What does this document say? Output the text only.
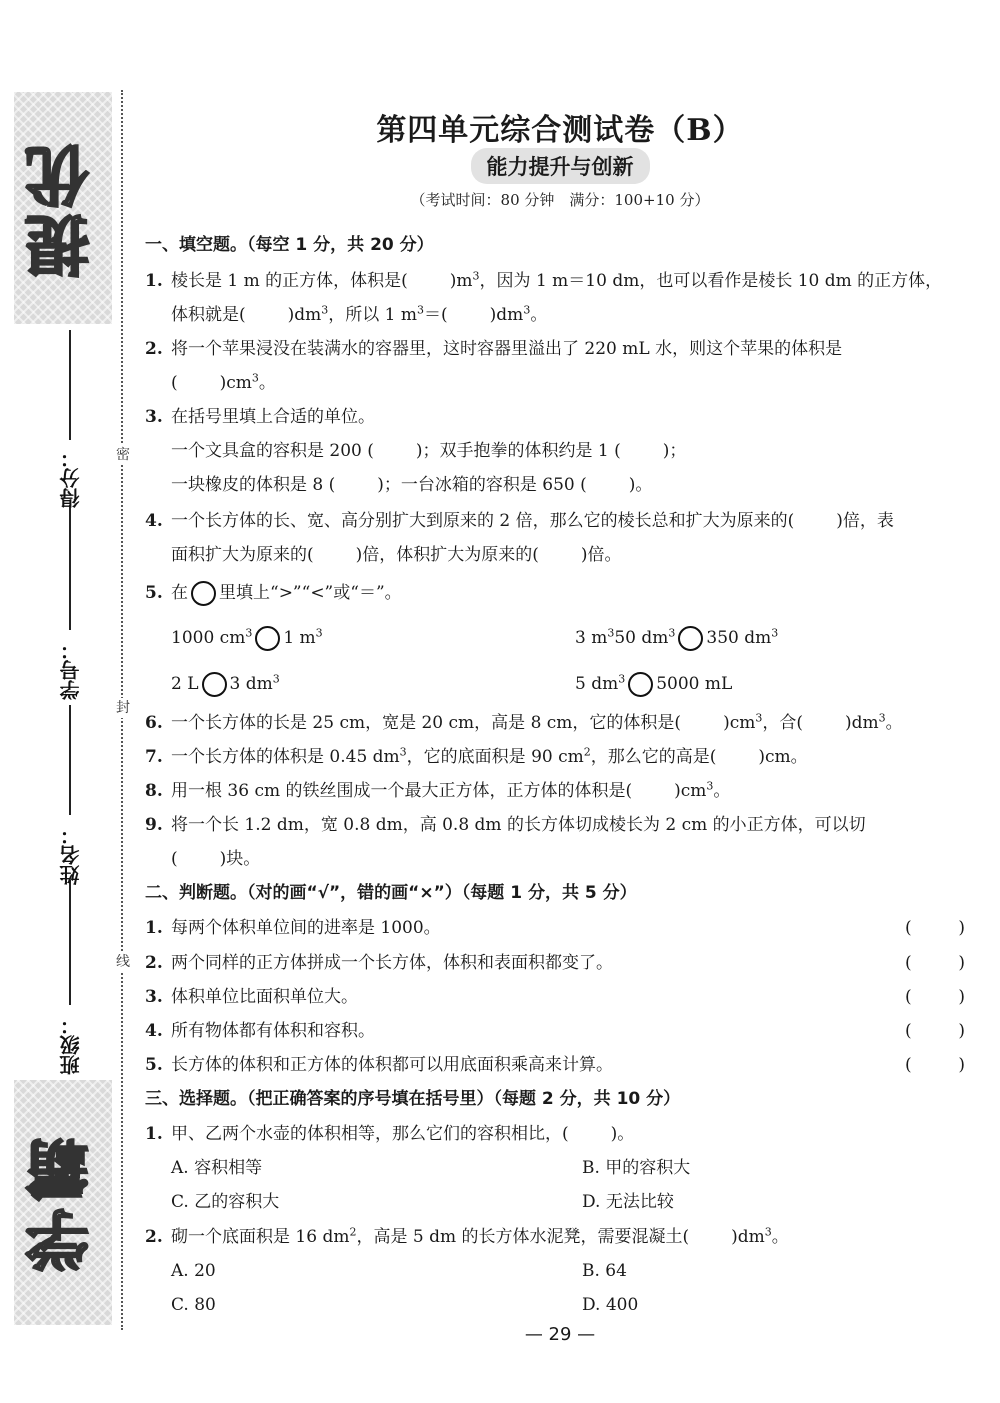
提优
学霸
班级：
姓名：
学号：
得分： 密
封
线
第四单元综合测试卷（B）
能力提升与创新
（考试时间：80 分钟　满分：100+10 分）
一、填空题。（每空 1 分，共 20 分）
1. 棱长是 1 m 的正方体，体积是( )$m^3$，因为 1 m＝10 dm，也可以看作是棱长 10 dm 的正方体，
体积就是( )$dm^3$，所以 1 $m^3=$( )$dm^3$。
2. 将一个苹果浸没在装满水的容器里，这时容器里溢出了 220 mL 水，则这个苹果的体积是
( )$cm^3$。
3. 在括号里填上合适的单位。
一个文具盒的容积是 200 ( )；双手抱拳的体积约是 1 ( )；
一块橡皮的体积是 8 ( )；一台冰箱的容积是 650 ( )。
4. 一个长方体的长、宽、高分别扩大到原来的 2 倍，那么它的棱长总和扩大为原来的( )倍，表
面积扩大为原来的( )倍，体积扩大为原来的( )倍。
5. 在 里填上“>”“<”或“＝”。
1000 $cm^3$ 1 $m^3$	3 $m^350$ $dm^3$ 350 $dm^3$
2 L 3 $dm^3$	5 $dm^3$ 5000 mL
6. 一个长方体的长是 25 cm，宽是 20 cm，高是 8 cm，它的体积是( )$cm^3$，合( )$dm^3$。
7. 一个长方体的体积是 0.45 $dm^3$，它的底面积是 90 $cm^2$，那么它的高是( )cm。
8. 用一根 36 cm 的铁丝围成一个最大正方体，正方体的体积是( )$cm^3$。
9. 将一个长 1.2 dm，宽 0.8 dm，高 0.8 dm 的长方体切成棱长为 2 cm 的小正方体，可以切
( )块。
二、判断题。（对的画“√”，错的画“×”）（每题 1 分，共 5 分）
1. 每两个体积单位间的进率是 1000。	(	)
2. 两个同样的正方体拼成一个长方体，体积和表面积都变了。	(	)
3. 体积单位比面积单位大。	(	)
4. 所有物体都有体积和容积。	(	)
5. 长方体的体积和正方体的体积都可以用底面积乘高来计算。	(	)
三、选择题。（把正确答案的序号填在括号里）（每题 2 分，共 10 分）
1. 甲、乙两个水壶的体积相等，那么它们的容积相比，( )。
A. 容积相等	B. 甲的容积大
C. 乙的容积大	D. 无法比较
2. 砌一个底面积是 16 $dm^2$，高是 5 dm 的长方体水泥凳，需要混凝土( )$dm^3$。
A. 20	B. 64
C. 80	D. 400
— 29 —
